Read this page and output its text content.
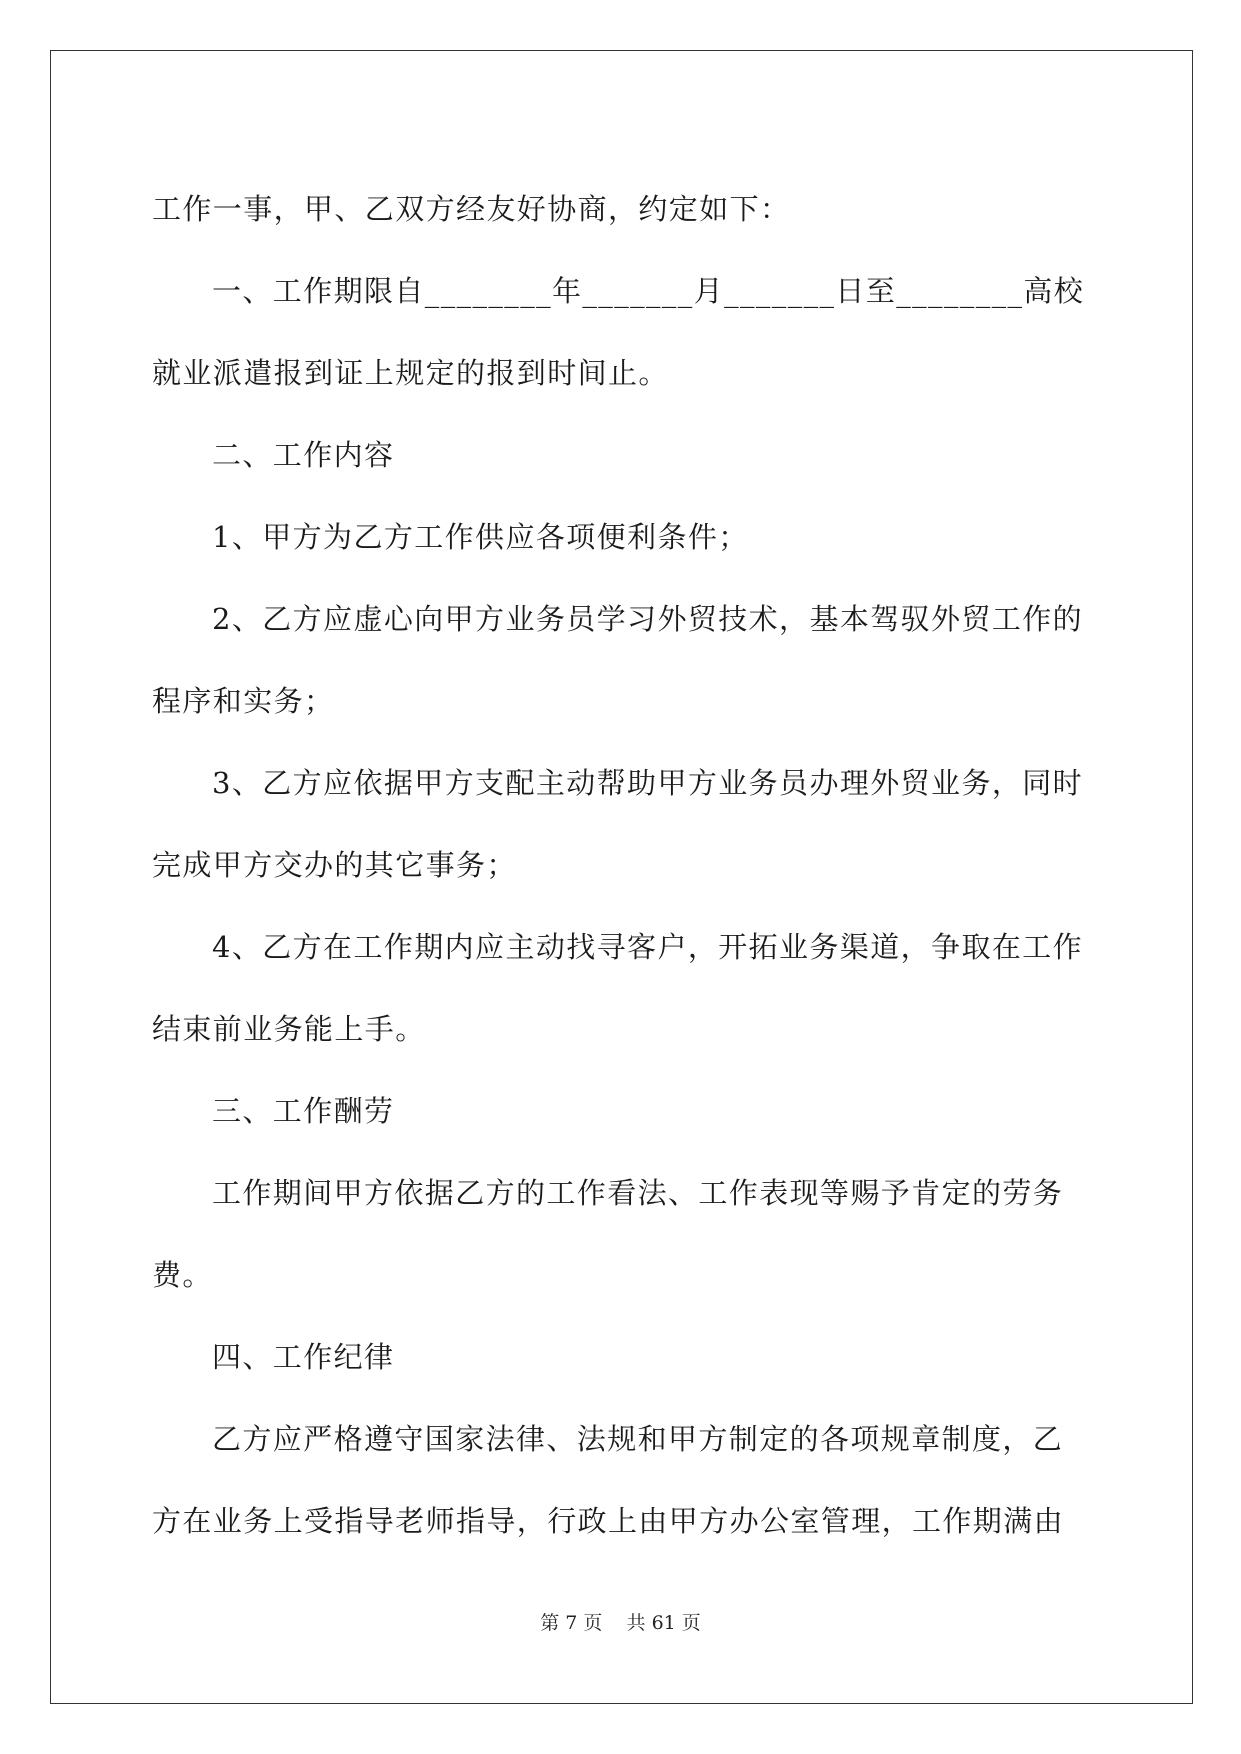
工作一事，甲、乙双方经友好协商，约定如下：

一、工作期限自________年_______月_______日至________高校就业派遣报到证上规定的报到时间止。

二、工作内容

1、甲方为乙方工作供应各项便利条件；

2、乙方应虚心向甲方业务员学习外贸技术，基本驾驭外贸工作的程序和实务；

3、乙方应依据甲方支配主动帮助甲方业务员办理外贸业务，同时完成甲方交办的其它事务；

4、乙方在工作期内应主动找寻客户，开拓业务渠道，争取在工作结束前业务能上手。

三、工作酬劳

工作期间甲方依据乙方的工作看法、工作表现等赐予肯定的劳务费。

四、工作纪律

乙方应严格遵守国家法律、法规和甲方制定的各项规章制度，乙方在业务上受指导老师指导，行政上由甲方办公室管理，工作期满由

第 7 页 共 61 页
